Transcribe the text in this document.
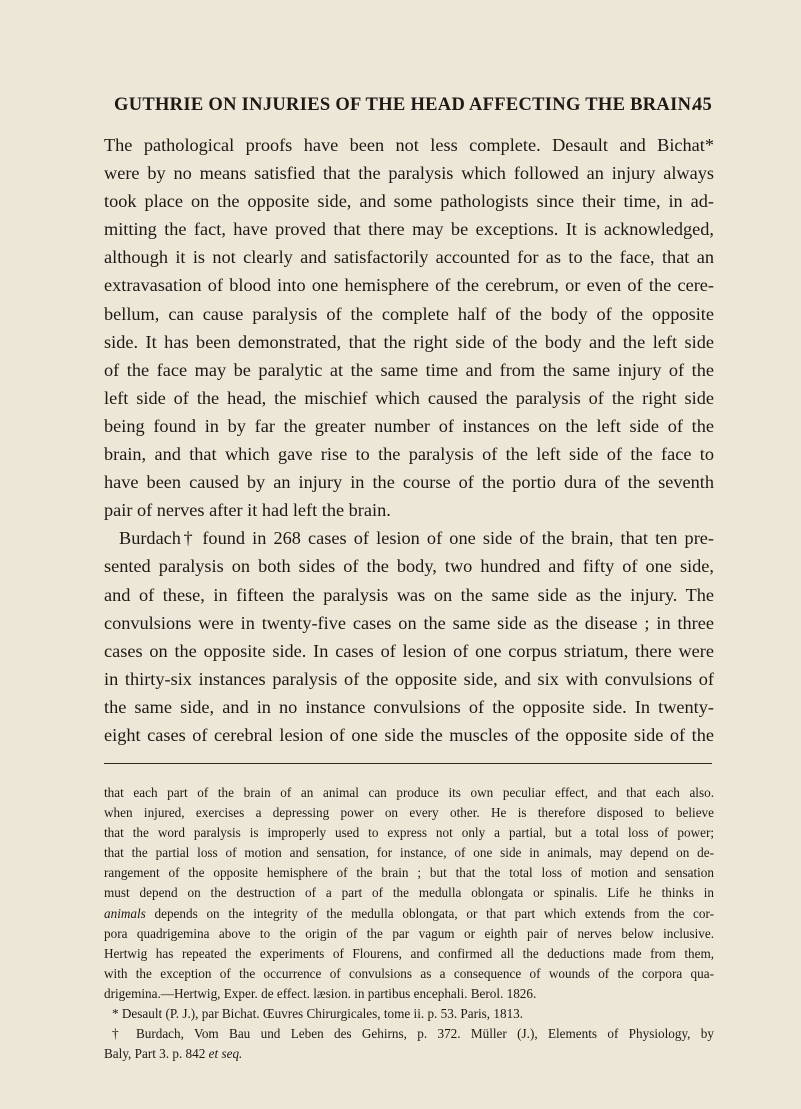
GUTHRIE ON INJURIES OF THE HEAD AFFECTING THE BRAIN.
45
The pathological proofs have been not less complete. Desault and Bichat*
were by no means satisfied that the paralysis which followed an injury always
took place on the opposite side, and some pathologists since their time, in ad-
mitting the fact, have proved that there may be exceptions. It is acknowledged,
although it is not clearly and satisfactorily accounted for as to the face, that an
extravasation of blood into one hemisphere of the cerebrum, or even of the cere-
bellum, can cause paralysis of the complete half of the body of the opposite
side. It has been demonstrated, that the right side of the body and the left side
of the face may be paralytic at the same time and from the same injury of the
left side of the head, the mischief which caused the paralysis of the right side
being found in by far the greater number of instances on the left side of the
brain, and that which gave rise to the paralysis of the left side of the face to
have been caused by an injury in the course of the portio dura of the seventh
pair of nerves after it had left the brain.
Burdach† found in 268 cases of lesion of one side of the brain, that ten pre-
sented paralysis on both sides of the body, two hundred and fifty of one side,
and of these, in fifteen the paralysis was on the same side as the injury. The
convulsions were in twenty-five cases on the same side as the disease ; in three
cases on the opposite side. In cases of lesion of one corpus striatum, there were
in thirty-six instances paralysis of the opposite side, and six with convulsions of
the same side, and in no instance convulsions of the opposite side. In twenty-
eight cases of cerebral lesion of one side the muscles of the opposite side of the
that each part of the brain of an animal can produce its own peculiar effect, and that each also.
when injured, exercises a depressing power on every other. He is therefore disposed to believe
that the word paralysis is improperly used to express not only a partial, but a total loss of power;
that the partial loss of motion and sensation, for instance, of one side in animals, may depend on de-
rangement of the opposite hemisphere of the brain ; but that the total loss of motion and sensation
must depend on the destruction of a part of the medulla oblongata or spinalis. Life he thinks in
animals depends on the integrity of the medulla oblongata, or that part which extends from the cor-
pora quadrigemina above to the origin of the par vagum or eighth pair of nerves below inclusive.
Hertwig has repeated the experiments of Flourens, and confirmed all the deductions made from them,
with the exception of the occurrence of convulsions as a consequence of wounds of the corpora qua-
drigemina.—Hertwig, Exper. de effect. læsion. in partibus encephali. Berol. 1826.
* Desault (P. J.), par Bichat. Œuvres Chirurgicales, tome ii. p. 53. Paris, 1813.
† Burdach, Vom Bau und Leben des Gehirns, p. 372. Müller (J.), Elements of Physiology, by
Baly, Part 3. p. 842 et seq.
